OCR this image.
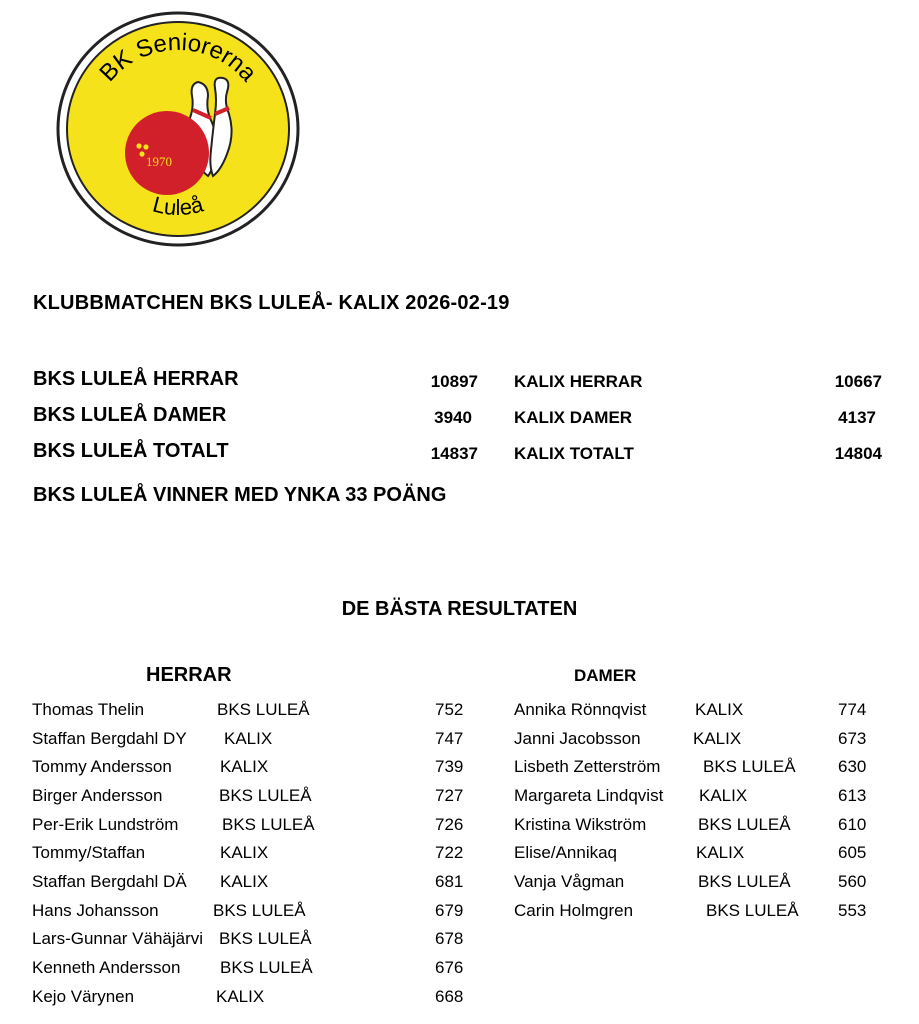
BK Seniorerna
1970
Luleå
KLUBBMATCHEN BKS LULEÅ- KALIX 2026-02-19
BKS LULEÅ HERRAR	10897
BKS LULEÅ DAMER	3940
BKS LULEÅ TOTALT	14837
KALIX HERRAR	10667
KALIX DAMER	4137
KALIX TOTALT	14804
BKS LULEÅ VINNER MED YNKA 33 POÄNG
DE BÄSTA RESULTATEN
HERRAR	DAMER
Thomas Thelin	BKS LULEÅ	752
Staffan Bergdahl DY KALIX	747
Tommy Andersson	KALIX	739
Birger Andersson	BKS LULEÅ	727
Per-Erik Lundström	BKS LULEÅ	726
Tommy/Staffan	KALIX	722
Staffan Bergdahl DÄ KALIX	681
Hans Johansson	BKS LULEÅ	679
Lars-Gunnar Vähäjärvi BKS LULEÅ	678
Kenneth Andersson BKS LULEÅ	676
Kejo Värynen	KALIX	668
Annika Rönnqvist	KALIX	774
Janni Jacobsson	KALIX	673
Lisbeth Zetterström	BKS LULEÅ 630
Margareta Lindqvist KALIX	613
Kristina Wikström	BKS LULEÅ	610
Elise/Annikaq	KALIX	605
Vanja Vågman	BKS LULEÅ	560
Carin Holmgren	BKS LULEÅ 553
